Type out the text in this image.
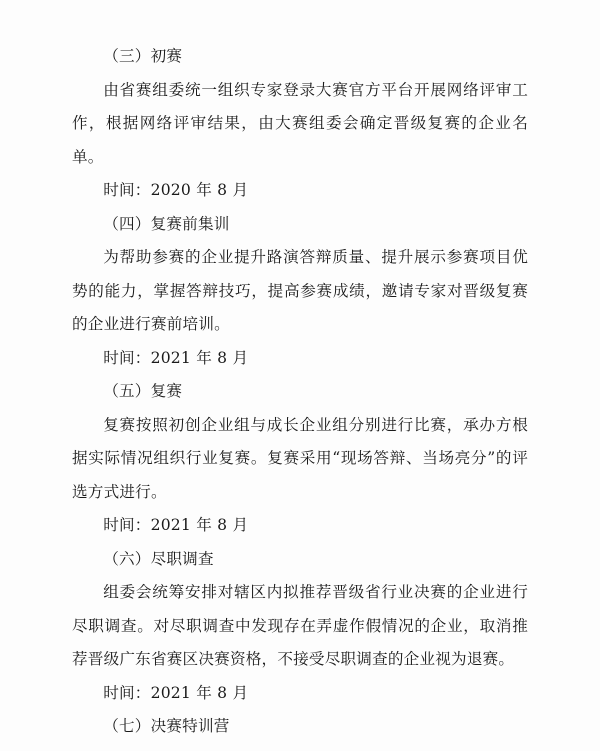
（三）初赛

由省赛组委统一组织专家登录大赛官方平台开展网络评审工作，根据网络评审结果，由大赛组委会确定晋级复赛的企业名单。

时间：2020 年 8 月

（四）复赛前集训

为帮助参赛的企业提升路演答辩质量、提升展示参赛项目优势的能力，掌握答辩技巧，提高参赛成绩，邀请专家对晋级复赛的企业进行赛前培训。

时间：2021 年 8 月

（五）复赛

复赛按照初创企业组与成长企业组分别进行比赛，承办方根据实际情况组织行业复赛。复赛采用“现场答辩、当场亮分”的评选方式进行。

时间：2021 年 8 月

（六）尽职调查

组委会统筹安排对辖区内拟推荐晋级省行业决赛的企业进行尽职调查。对尽职调查中发现存在弄虚作假情况的企业，取消推荐晋级广东省赛区决赛资格，不接受尽职调查的企业视为退赛。

时间：2021 年 8 月

（七）决赛特训营
